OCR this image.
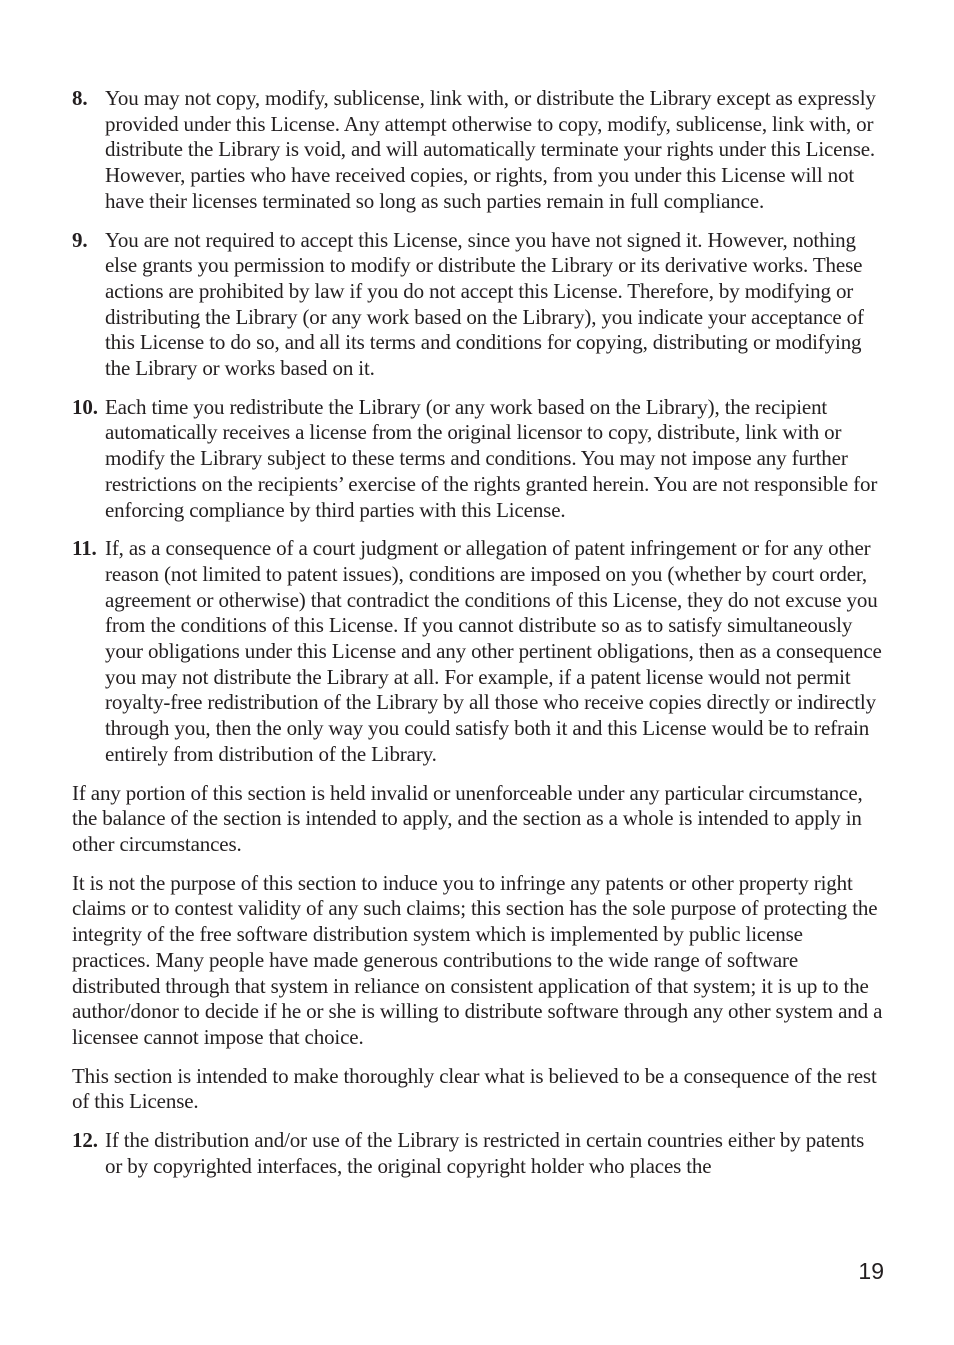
8. You may not copy, modify, sublicense, link with, or distribute the Library except as expressly provided under this License. Any attempt otherwise to copy, modify, sublicense, link with, or distribute the Library is void, and will automatically terminate your rights under this License. However, parties who have received copies, or rights, from you under this License will not have their licenses terminated so long as such parties remain in full compliance.
9. You are not required to accept this License, since you have not signed it. However, nothing else grants you permission to modify or distribute the Library or its derivative works. These actions are prohibited by law if you do not accept this License. Therefore, by modifying or distributing the Library (or any work based on the Library), you indicate your acceptance of this License to do so, and all its terms and conditions for copying, distributing or modifying the Library or works based on it.
10. Each time you redistribute the Library (or any work based on the Library), the recipient automatically receives a license from the original licensor to copy, distribute, link with or modify the Library subject to these terms and conditions. You may not impose any further restrictions on the recipients’ exercise of the rights granted herein. You are not responsible for enforcing compliance by third parties with this License.
11. If, as a consequence of a court judgment or allegation of patent infringement or for any other reason (not limited to patent issues), conditions are imposed on you (whether by court order, agreement or otherwise) that contradict the conditions of this License, they do not excuse you from the conditions of this License. If you cannot distribute so as to satisfy simultaneously your obligations under this License and any other pertinent obligations, then as a consequence you may not distribute the Library at all. For example, if a patent license would not permit royalty-free redistribution of the Library by all those who receive copies directly or indirectly through you, then the only way you could satisfy both it and this License would be to refrain entirely from distribution of the Library.

If any portion of this section is held invalid or unenforceable under any particular circumstance, the balance of the section is intended to apply, and the section as a whole is intended to apply in other circumstances.

It is not the purpose of this section to induce you to infringe any patents or other property right claims or to contest validity of any such claims; this section has the sole purpose of protecting the integrity of the free software distribution system which is implemented by public license practices. Many people have made generous contributions to the wide range of software distributed through that system in reliance on consistent application of that system; it is up to the author/donor to decide if he or she is willing to distribute software through any other system and a licensee cannot impose that choice.

This section is intended to make thoroughly clear what is believed to be a consequence of the rest of this License.

12. If the distribution and/or use of the Library is restricted in certain countries either by patents or by copyrighted interfaces, the original copyright holder who places the
19
